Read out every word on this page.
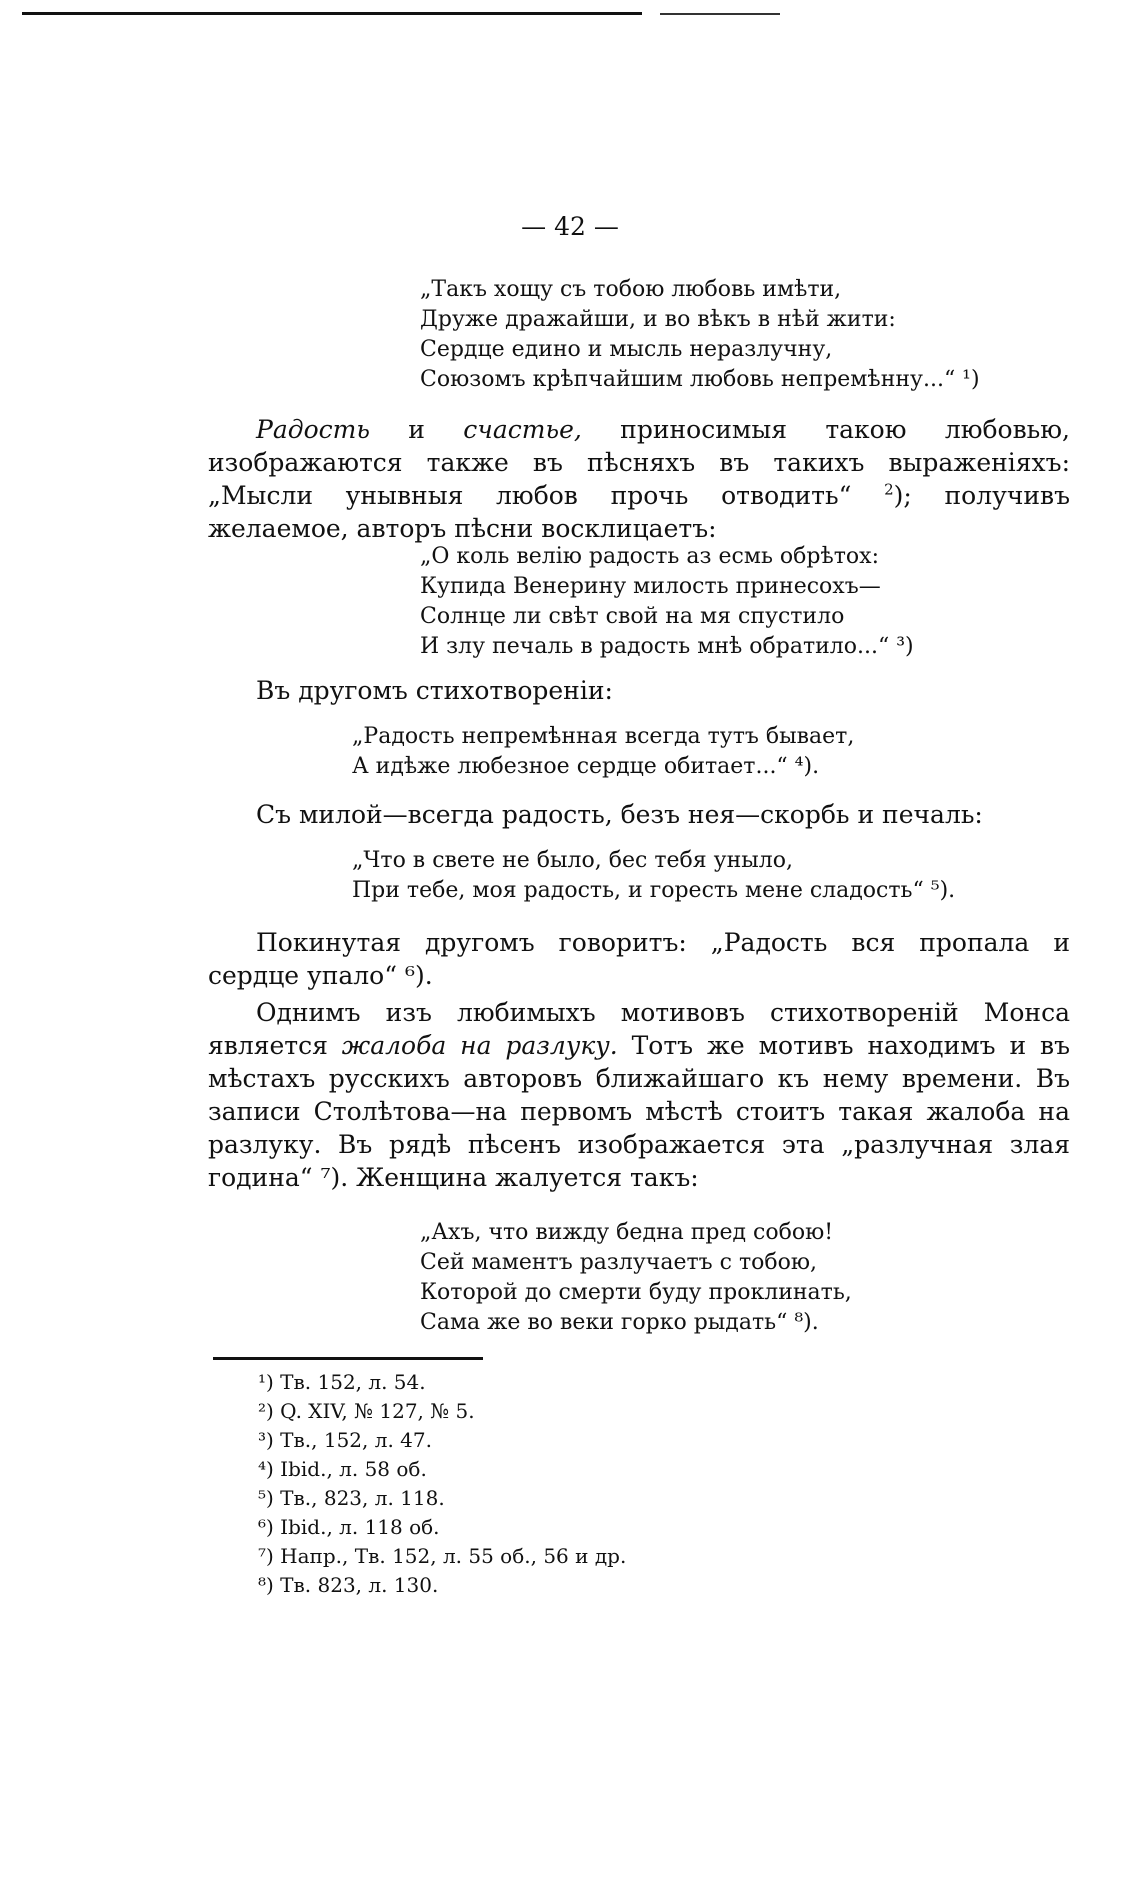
— 42 —
„Такъ хощу съ тобою любовь имѣти,
Друже дражайши, и во вѣкъ в нѣй жити:
Сердце едино и мысль неразлучну,
Союзомъ крѣпчайшим любовь непремѣнну...“ ¹)

Радость и счастье, приносимыя такою любовью, изображаются также въ пѣсняхъ въ такихъ выраженiяхъ: „Мысли унывныя любов прочь отводить“ $^2$); получивъ желаемое, авторъ пѣсни восклицаетъ:

„О коль велiю радость аз есмь обрѣтох:
Купида Венерину милость принесохъ—
Солнце ли свѣт свой на мя спустило
И злу печаль в радость мнѣ обратило...“ ³)

Въ другомъ стихотворенiи:

„Радость непремѣнная всегда тутъ бывает,
А идѣже любезное сердце обитает...“ ⁴).

Съ милой—всегда радость, безъ нея—скорбь и печаль:

„Что в свете не было, бес тебя уныло,
При тебе, моя радость, и горесть мене сладость“ ⁵).

Покинутая другомъ говоритъ: „Радость вся пропала и сердце упало“ ⁶).

Однимъ изъ любимыхъ мотивовъ стихотворенiй Монса является жалоба на разлуку. Тотъ же мотивъ находимъ и въ мѣстахъ русскихъ авторовъ ближайшаго къ нему времени. Въ записи Столѣтова—на первомъ мѣстѣ стоитъ такая жалоба на разлуку. Въ рядѣ пѣсенъ изображается эта „разлучная злая година“ ⁷). Женщина жалуется такъ:

„Ахъ, что вижду бедна пред собою!
Сей маментъ разлучаетъ с тобою,
Которой до смерти буду проклинать,
Сама же во веки горко рыдать“ ⁸).
¹) Тв. 152, л. 54.
²) Q. XIV, № 127, № 5.
³) Тв., 152, л. 47.
⁴) Ibid., л. 58 об.
⁵) Тв., 823, л. 118.
⁶) Ibid., л. 118 об.
⁷) Напр., Тв. 152, л. 55 об., 56 и др.
⁸) Тв. 823, л. 130.
